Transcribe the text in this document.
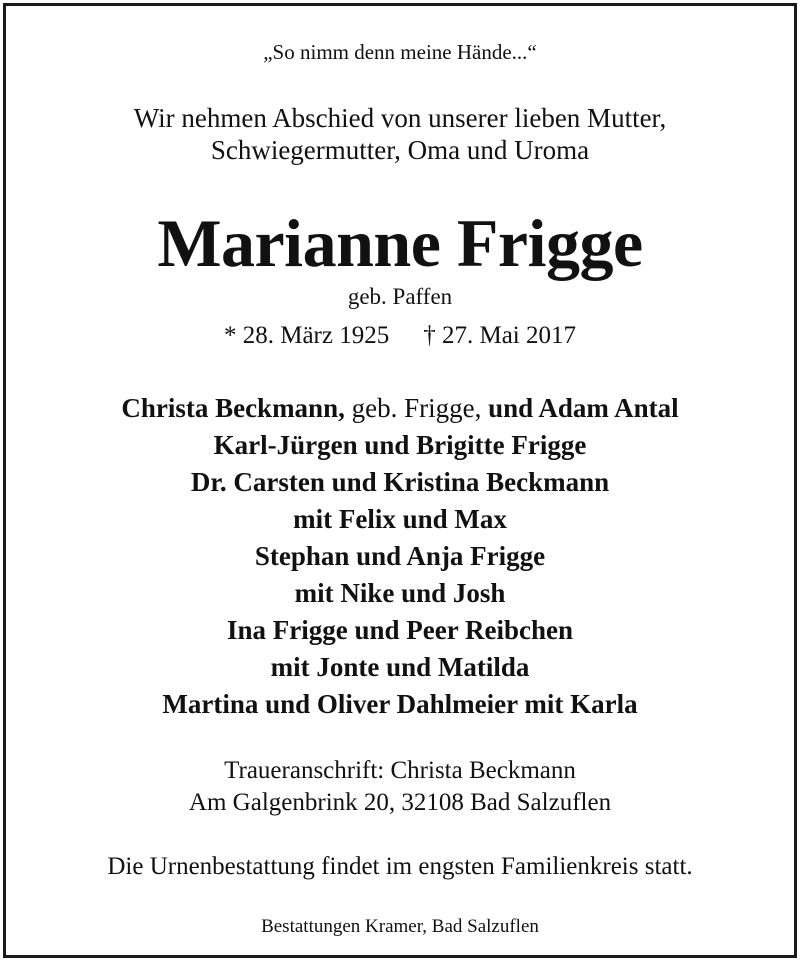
„So nimm denn meine Hände...“
Wir nehmen Abschied von unserer lieben Mutter,
Schwiegermutter, Oma und Uroma
Marianne Frigge
geb. Paffen
* 28. März 1925 † 27. Mai 2017
Christa Beckmann, geb. Frigge, und Adam Antal
Karl-Jürgen und Brigitte Frigge
Dr. Carsten und Kristina Beckmann
mit Felix und Max
Stephan und Anja Frigge
mit Nike und Josh
Ina Frigge und Peer Reibchen
mit Jonte und Matilda
Martina und Oliver Dahlmeier mit Karla
Traueranschrift: Christa Beckmann
Am Galgenbrink 20, 32108 Bad Salzuflen
Die Urnenbestattung findet im engsten Familienkreis statt.
Bestattungen Kramer, Bad Salzuflen
